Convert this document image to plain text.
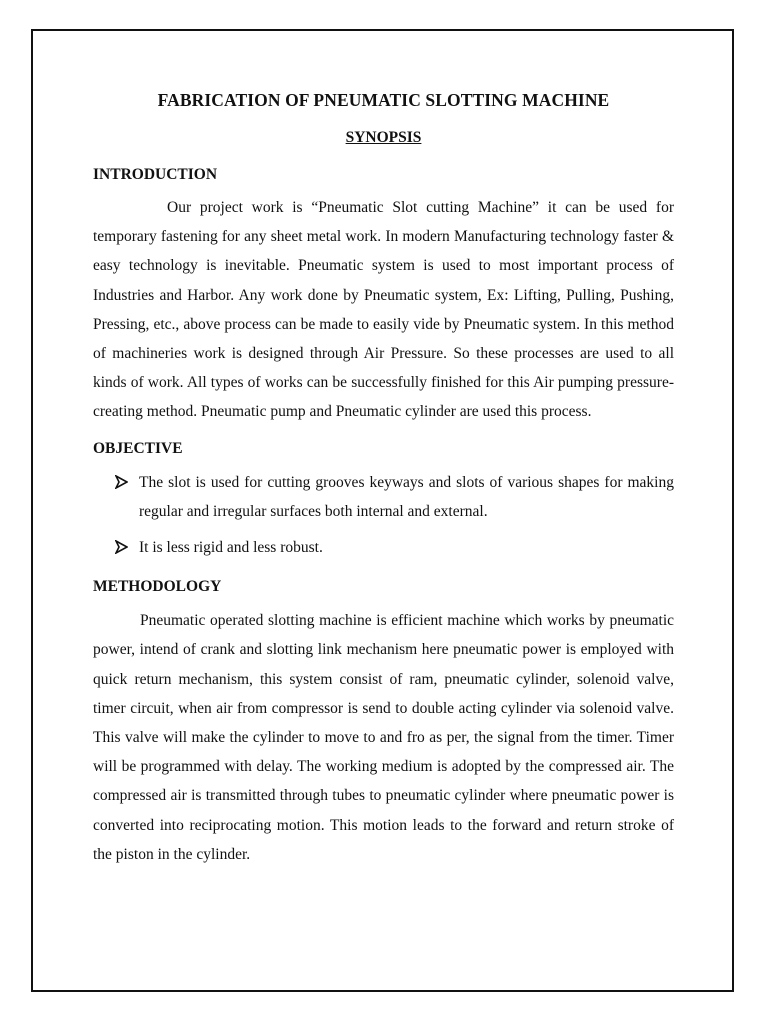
FABRICATION OF PNEUMATIC SLOTTING MACHINE
SYNOPSIS
INTRODUCTION

Our project work is “Pneumatic Slot cutting Machine” it can be used for temporary fastening for any sheet metal work. In modern Manufacturing technology faster & easy technology is inevitable. Pneumatic system is used to most important process of Industries and Harbor. Any work done by Pneumatic system, Ex: Lifting, Pulling, Pushing, Pressing, etc., above process can be made to easily vide by Pneumatic system. In this method of machineries work is designed through Air Pressure. So these processes are used to all kinds of work. All types of works can be successfully finished for this Air pumping pressure-creating method. Pneumatic pump and Pneumatic cylinder are used this process.

OBJECTIVE
The slot is used for cutting grooves keyways and slots of various shapes for making regular and irregular surfaces both internal and external.
It is less rigid and less robust.
METHODOLOGY

Pneumatic operated slotting machine is efficient machine which works by pneumatic power, intend of crank and slotting link mechanism here pneumatic power is employed with quick return mechanism, this system consist of ram, pneumatic cylinder, solenoid valve, timer circuit, when air from compressor is send to double acting cylinder via solenoid valve. This valve will make the cylinder to move to and fro as per, the signal from the timer. Timer will be programmed with delay. The working medium is adopted by the compressed air. The compressed air is transmitted through tubes to pneumatic cylinder where pneumatic power is converted into reciprocating motion. This motion leads to the forward and return stroke of the piston in the cylinder.
